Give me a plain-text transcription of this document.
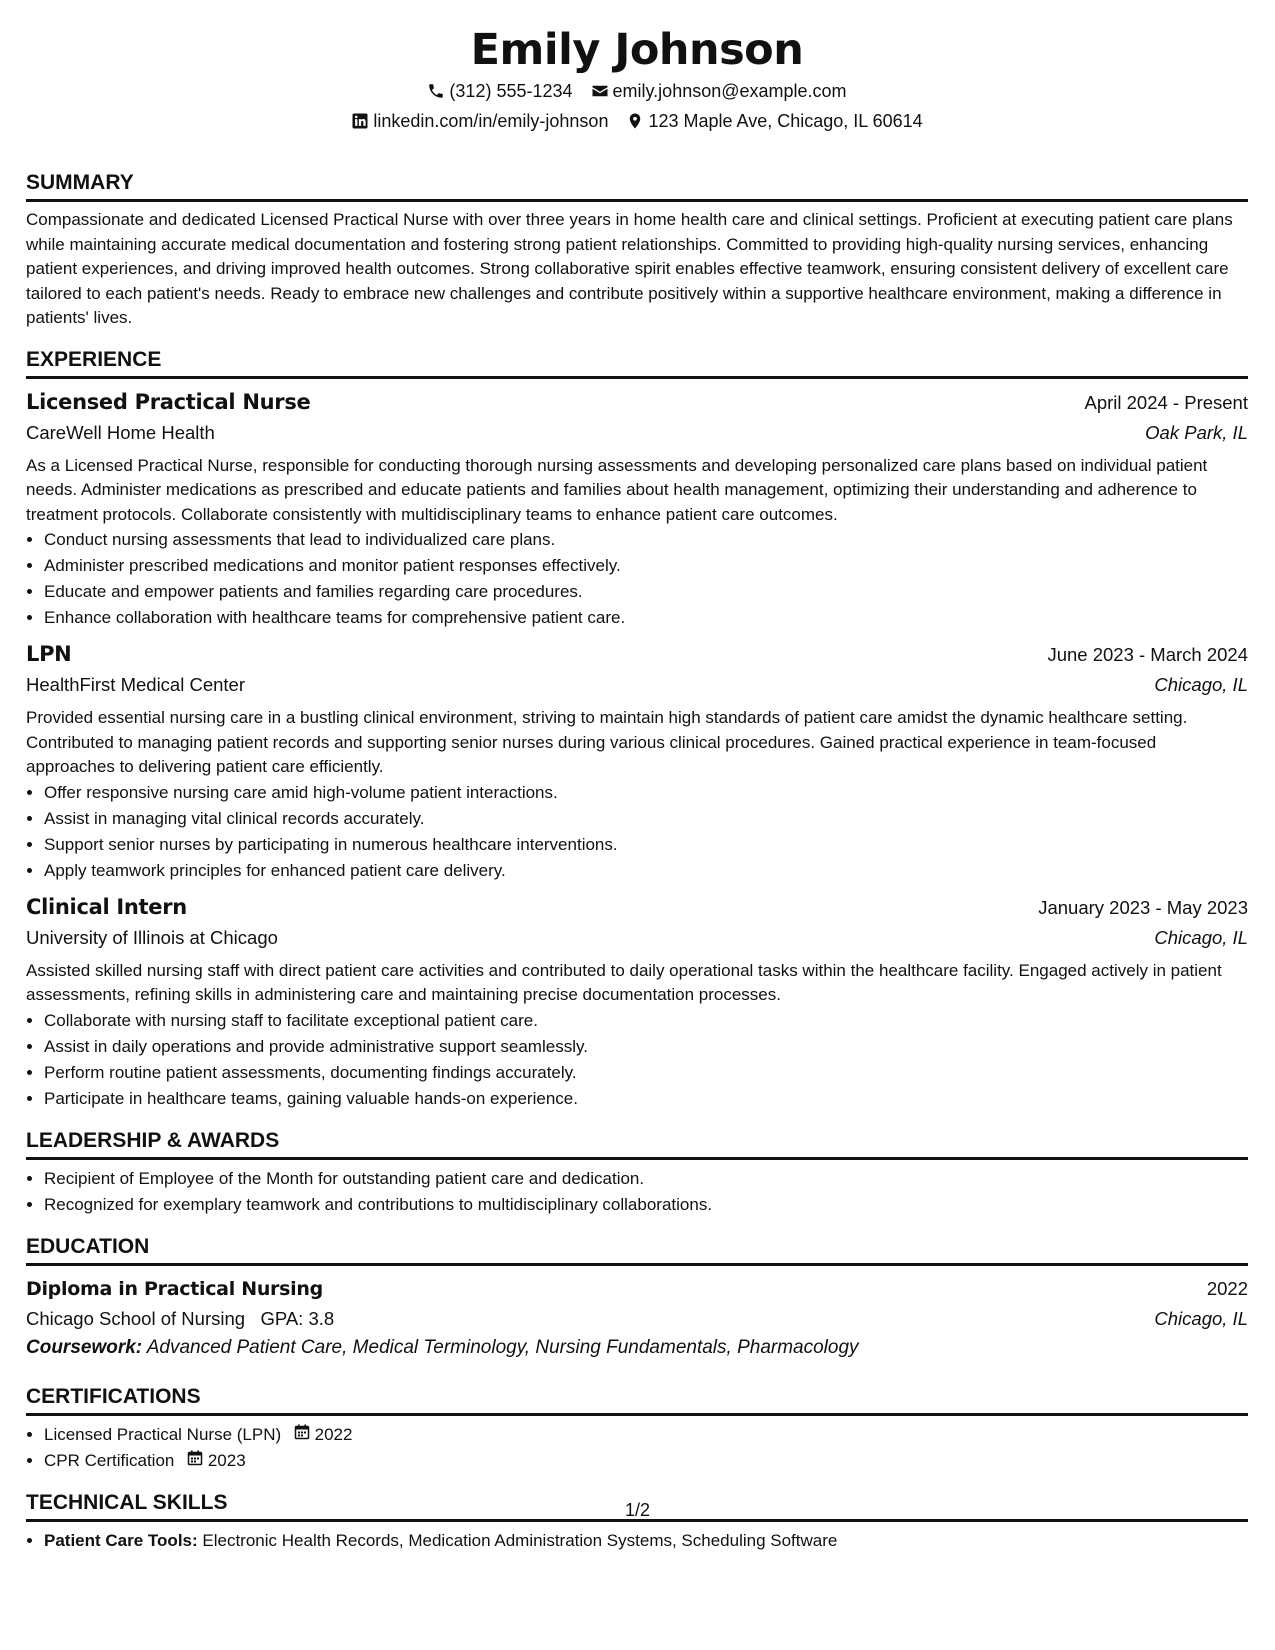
Emily Johnson
(312) 555-1234 emily.johnson@example.com
linkedin.com/in/emily-johnson 123 Maple Ave, Chicago, IL 60614
SUMMARY
Compassionate and dedicated Licensed Practical Nurse with over three years in home health care and clinical settings. Proficient at executing patient care plans while maintaining accurate medical documentation and fostering strong patient relationships. Committed to providing high-quality nursing services, enhancing patient experiences, and driving improved health outcomes. Strong collaborative spirit enables effective teamwork, ensuring consistent delivery of excellent care tailored to each patient's needs. Ready to embrace new challenges and contribute positively within a supportive healthcare environment, making a difference in patients' lives.
EXPERIENCE
Licensed Practical Nurse	April 2024 - Present
CareWell Home Health	Oak Park, IL
As a Licensed Practical Nurse, responsible for conducting thorough nursing assessments and developing personalized care plans based on individual patient needs. Administer medications as prescribed and educate patients and families about health management, optimizing their understanding and adherence to treatment protocols. Collaborate consistently with multidisciplinary teams to enhance patient care outcomes.
• Conduct nursing assessments that lead to individualized care plans.
• Administer prescribed medications and monitor patient responses effectively.
• Educate and empower patients and families regarding care procedures.
• Enhance collaboration with healthcare teams for comprehensive patient care.
LPN	June 2023 - March 2024
HealthFirst Medical Center	Chicago, IL
Provided essential nursing care in a bustling clinical environment, striving to maintain high standards of patient care amidst the dynamic healthcare setting. Contributed to managing patient records and supporting senior nurses during various clinical procedures. Gained practical experience in team-focused approaches to delivering patient care efficiently.
• Offer responsive nursing care amid high-volume patient interactions.
• Assist in managing vital clinical records accurately.
• Support senior nurses by participating in numerous healthcare interventions.
• Apply teamwork principles for enhanced patient care delivery.
Clinical Intern	January 2023 - May 2023
University of Illinois at Chicago	Chicago, IL
Assisted skilled nursing staff with direct patient care activities and contributed to daily operational tasks within the healthcare facility. Engaged actively in patient assessments, refining skills in administering care and maintaining precise documentation processes.
• Collaborate with nursing staff to facilitate exceptional patient care.
• Assist in daily operations and provide administrative support seamlessly.
• Perform routine patient assessments, documenting findings accurately.
• Participate in healthcare teams, gaining valuable hands-on experience.
LEADERSHIP & AWARDS
• Recipient of Employee of the Month for outstanding patient care and dedication.
• Recognized for exemplary teamwork and contributions to multidisciplinary collaborations.
EDUCATION
Diploma in Practical Nursing	2022
Chicago School of Nursing GPA: 3.8	Chicago, IL
Coursework: Advanced Patient Care, Medical Terminology, Nursing Fundamentals, Pharmacology
CERTIFICATIONS
• Licensed Practical Nurse (LPN) 2022
• CPR Certification 2023
TECHNICAL SKILLS
• Patient Care Tools: Electronic Health Records, Medication Administration Systems, Scheduling Software
1/2
